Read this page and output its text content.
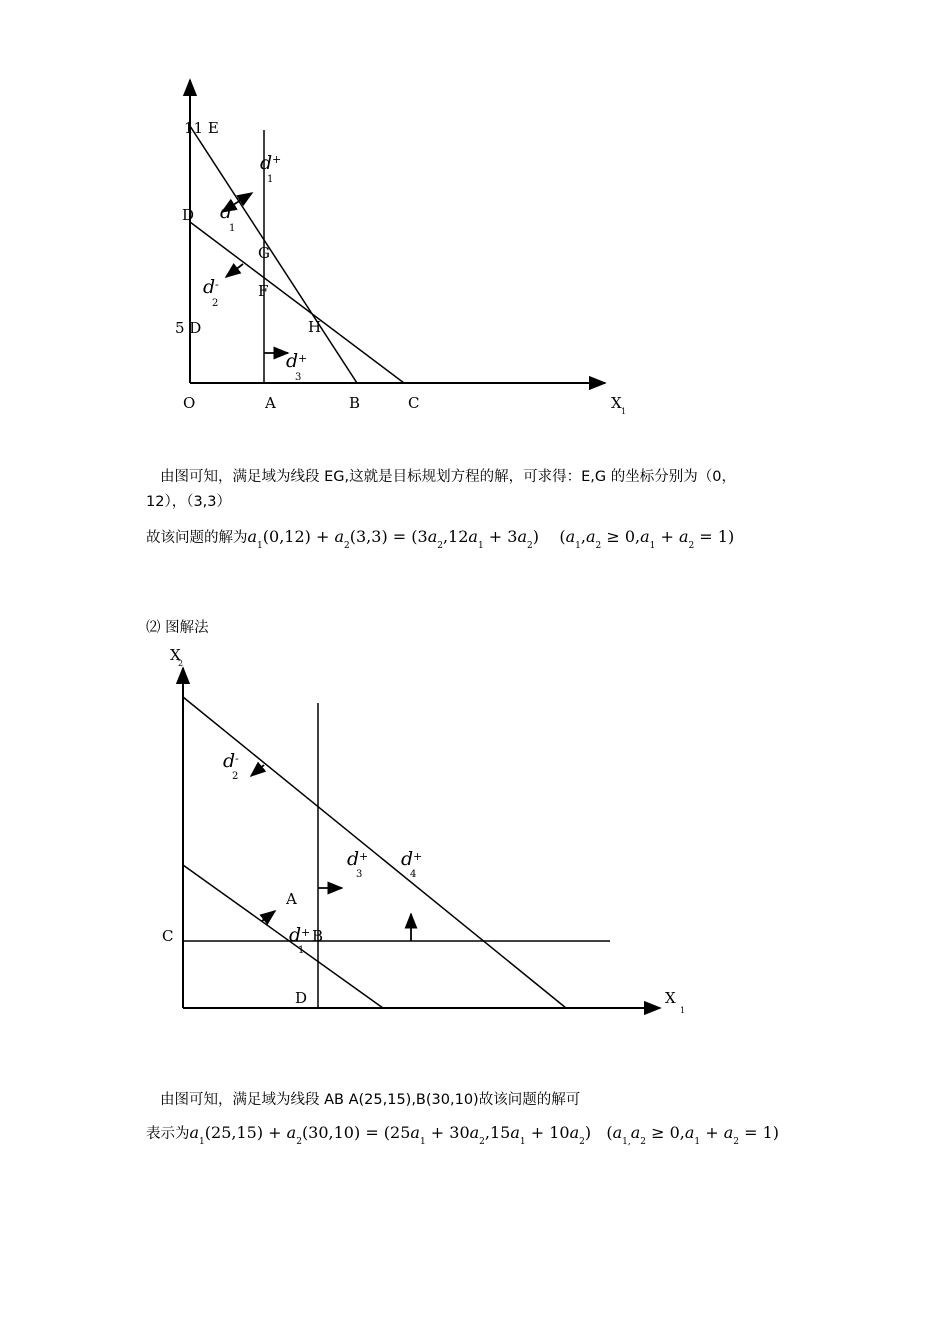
11 E
D
G
F
H
5 D
O	A	B	C	X 1
d +
1
d -
1
d -
2
d +
3
X
2
A
C	B
D	X
1
d -
2
d +
3
d +
4
d +
1
由图可知，满足域为线段 EG,这就是目标规划方程的解，可求得：E,G 的坐标分别为（0，
12），（3,3）
故该问题的解为$a_1(0,12) + a_2(3,3) = (3a_2,12a_1 + 3a_2)$    $(a_1,a_2 \ge 0,a_1 + a_2 = 1)$
⑵ 图解法
由图可知，满足域为线段 AB A(25,15),B(30,10)故该问题的解可
表示为$a_1(25,15) + a_2(30,10) = (25a_1 + 30a_2,15a_1 + 10a_2) (a_{1,}a_2 \ge 0,a_1 + a_2 = 1)$
